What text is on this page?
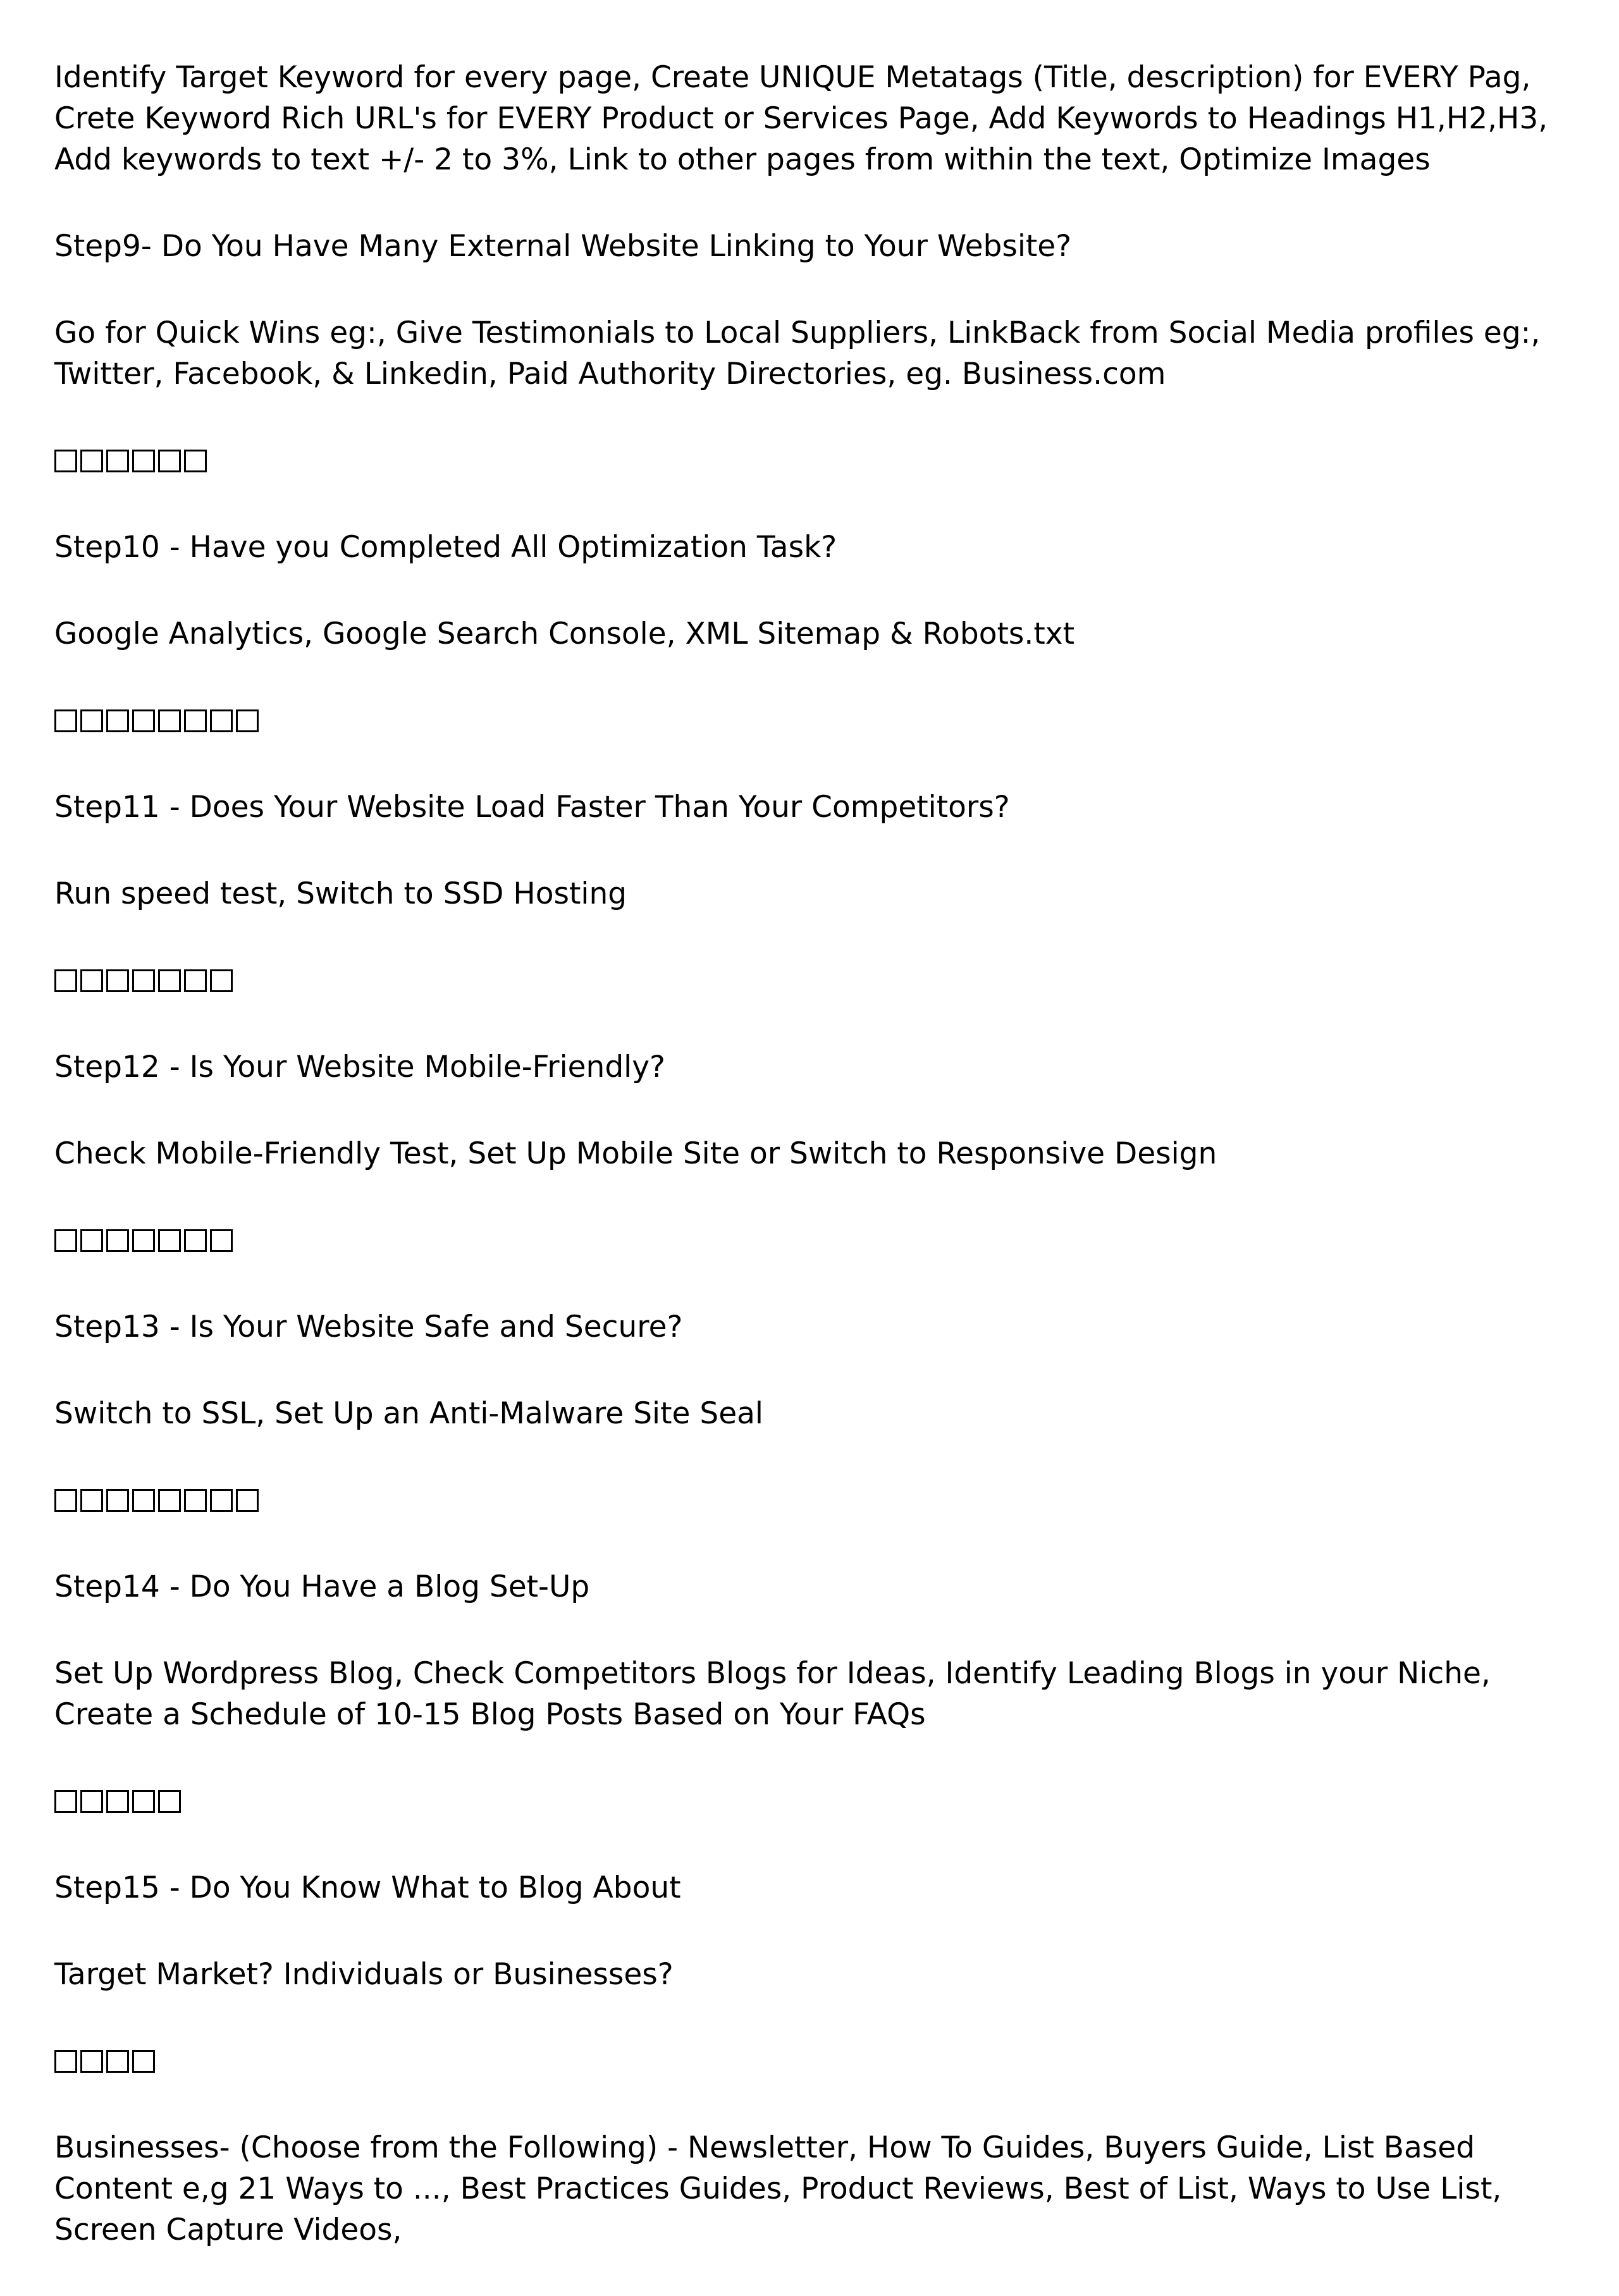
Identify Target Keyword for every page, Create UNIQUE Metatags (Title, description) for EVERY Pag, Crete Keyword Rich URL's for EVERY Product or Services Page, Add Keywords to Headings H1,H2,H3, Add keywords to text +/- 2 to 3%, Link to other pages from within the text, Optimize Images

Step9- Do You Have Many External Website Linking to Your Website?

Go for Quick Wins eg:, Give Testimonials to Local Suppliers, LinkBack from Social Media profiles eg:, Twitter, Facebook, & Linkedin, Paid Authority Directories, eg. Business.com

Step10 - Have you Completed All Optimization Task?

Google Analytics, Google Search Console, XML Sitemap & Robots.txt

Step11 - Does Your Website Load Faster Than Your Competitors?

Run speed test, Switch to SSD Hosting

Step12 - Is Your Website Mobile-Friendly?

Check Mobile-Friendly Test, Set Up Mobile Site or Switch to Responsive Design

Step13 - Is Your Website Safe and Secure?

Switch to SSL, Set Up an Anti-Malware Site Seal

Step14 - Do You Have a Blog Set-Up

Set Up Wordpress Blog, Check Competitors Blogs for Ideas, Identify Leading Blogs in your Niche, Create a Schedule of 10-15 Blog Posts Based on Your FAQs

Step15 - Do You Know What to Blog About

Target Market? Individuals or Businesses?

Businesses- (Choose from the Following) - Newsletter, How To Guides, Buyers Guide, List Based Content e,g 21 Ways to ..., Best Practices Guides, Product Reviews, Best of List, Ways to Use List, Screen Capture Videos,
